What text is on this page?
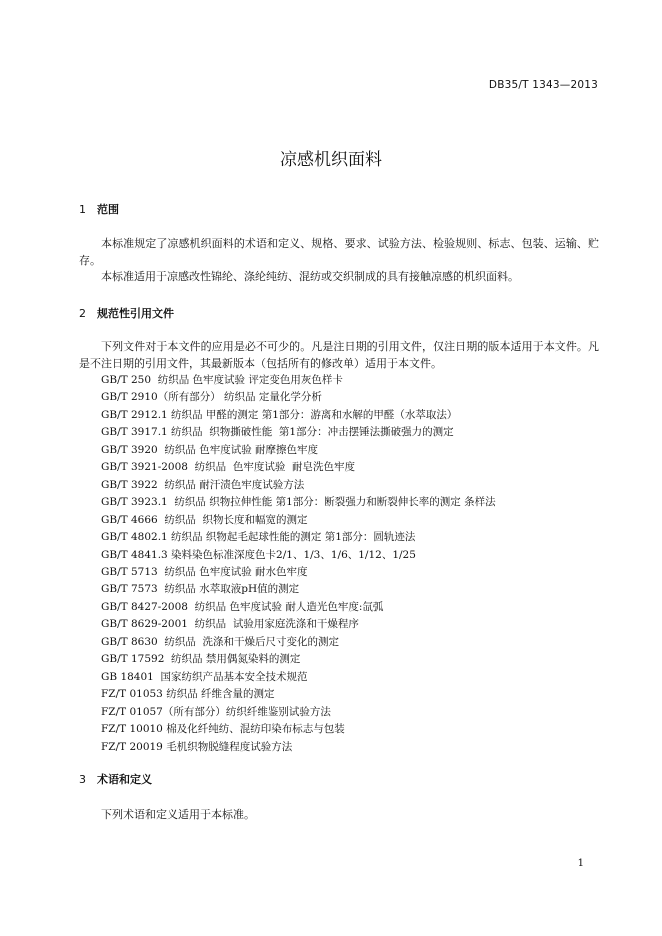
DB35/T 1343—2013
凉感机织面料
1 范围
本标准规定了凉感机织面料的术语和定义、规格、要求、试验方法、检验规则、标志、包装、运输、贮存。
本标准适用于凉感改性锦纶、涤纶纯纺、混纺或交织制成的具有接触凉感的机织面料。
2 规范性引用文件
下列文件对于本文件的应用是必不可少的。凡是注日期的引用文件，仅注日期的版本适用于本文件。凡是不注日期的引用文件，其最新版本（包括所有的修改单）适用于本文件。
GB/T 250  纺织品 色牢度试验 评定变色用灰色样卡
GB/T 2910（所有部分） 纺织品 定量化学分析
GB/T 2912.1 纺织品 甲醛的测定 第1部分：游离和水解的甲醛（水萃取法）
GB/T 3917.1 纺织品  织物撕破性能  第1部分：冲击摆锤法撕破强力的测定
GB/T 3920  纺织品 色牢度试验 耐摩擦色牢度
GB/T 3921-2008  纺织品  色牢度试验  耐皂洗色牢度
GB/T 3922  纺织品 耐汗渍色牢度试验方法
GB/T 3923.1  纺织品 织物拉伸性能 第1部分：断裂强力和断裂伸长率的测定 条样法
GB/T 4666  纺织品  织物长度和幅宽的测定
GB/T 4802.1 纺织品 织物起毛起球性能的测定 第1部分：圆轨迹法
GB/T 4841.3 染料染色标准深度色卡2/1、1/3、1/6、1/12、1/25
GB/T 5713  纺织品 色牢度试验 耐水色牢度
GB/T 7573  纺织品 水萃取液pH值的测定
GB/T 8427-2008  纺织品 色牢度试验 耐人造光色牢度:氙弧
GB/T 8629-2001  纺织品  试验用家庭洗涤和干燥程序
GB/T 8630  纺织品  洗涤和干燥后尺寸变化的测定
GB/T 17592  纺织品 禁用偶氮染料的测定
GB 18401  国家纺织产品基本安全技术规范
FZ/T 01053 纺织品 纤维含量的测定
FZ/T 01057（所有部分）纺织纤维鉴别试验方法
FZ/T 10010 棉及化纤纯纺、混纺印染布标志与包装
FZ/T 20019 毛机织物脱缝程度试验方法
3 术语和定义
下列术语和定义适用于本标准。
1
